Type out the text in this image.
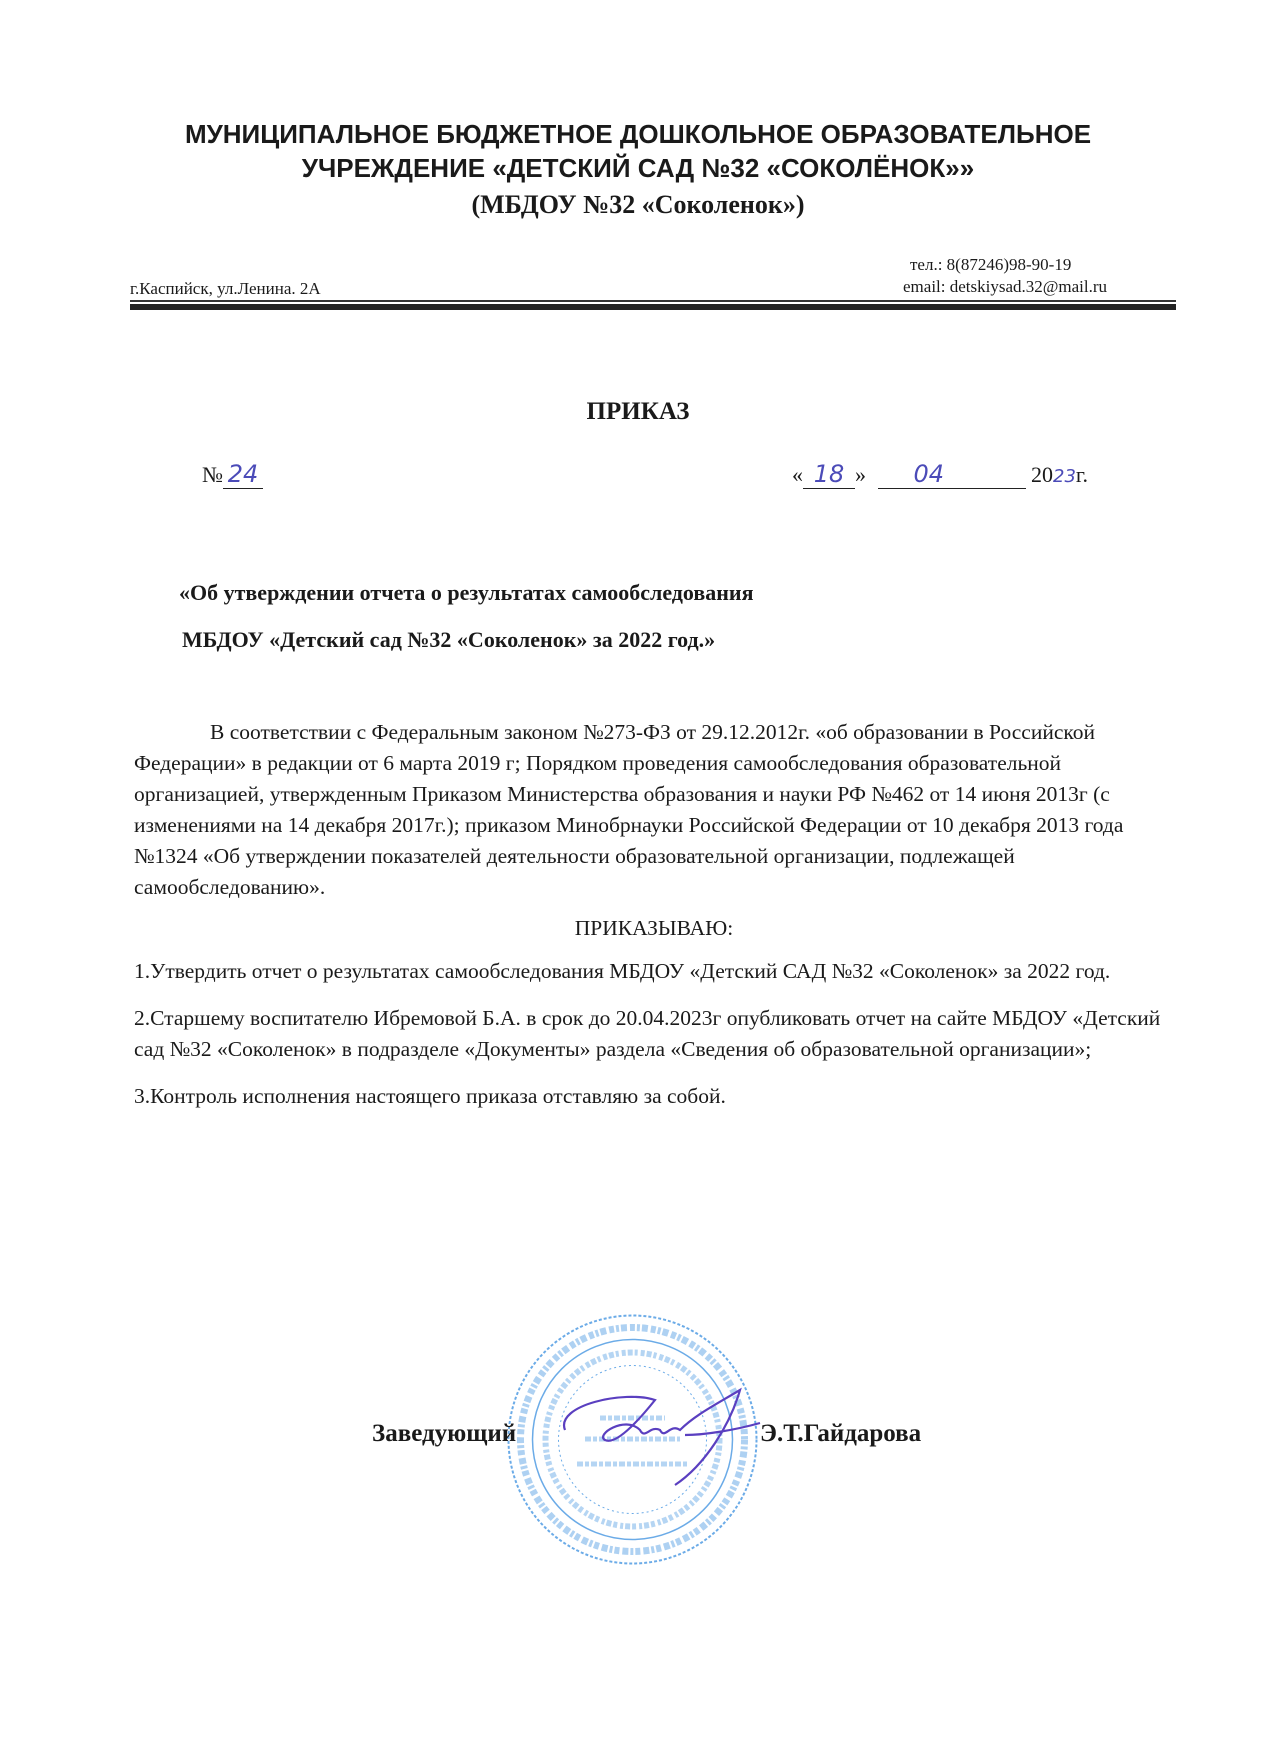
МУНИЦИПАЛЬНОЕ БЮДЖЕТНОЕ ДОШКОЛЬНОЕ ОБРАЗОВАТЕЛЬНОЕ
УЧРЕЖДЕНИЕ «ДЕТСКИЙ САД №32 «СОКОЛЁНОК»»
(МБДОУ №32 «Соколенок»)
тел.: 8(87246)98-90-19
г.Каспийск, ул.Ленина. 2А	email: detskiysad.32@mail.ru
ПРИКАЗ
№ 24	« 18 » 04	2023г.
«Об утверждении отчета о результатах самообследования
МБДОУ «Детский сад №32 «Соколенок» за 2022 год.»

В соответствии с Федеральным законом №273-ФЗ от 29.12.2012г. «об образовании в Российской Федерации» в редакции от 6 марта 2019 г; Порядком проведения самообследования образовательной организацией, утвержденным Приказом Министерства образования и науки РФ №462 от 14 июня 2013г (с изменениями на 14 декабря 2017г.); приказом Минобрнауки Российской Федерации от 10 декабря 2013 года №1324 «Об утверждении показателей деятельности образовательной организации, подлежащей самообследованию».

ПРИКАЗЫВАЮ:

1.Утвердить отчет о результатах самообследования МБДОУ «Детский САД №32 «Соколенок» за 2022 год.

2.Старшему воспитателю Ибремовой Б.А. в срок до 20.04.2023г опубликовать отчет на сайте МБДОУ «Детский сад №32 «Соколенок» в подразделе «Документы» раздела «Сведения об образовательной организации»;

3.Контроль исполнения настоящего приказа отставляю за собой.

Заведующий	Э.Т.Гайдарова
